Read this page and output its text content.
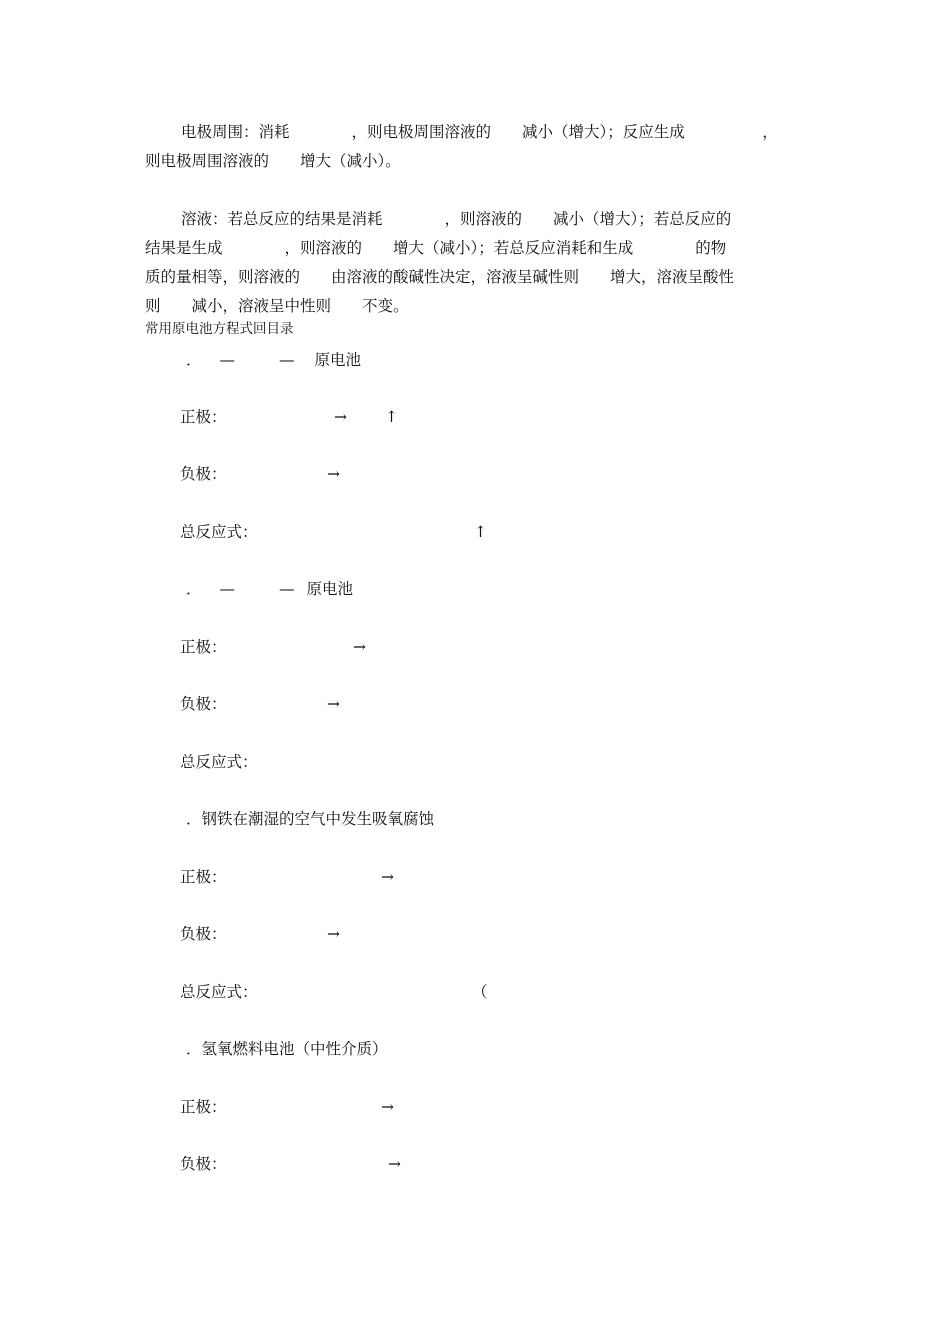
电极周围：消耗　　　　，则电极周围溶液的　　减小（增大）；反应生成　　　　　，
则电极周围溶液的　　增大（减小）。
溶液：若总反应的结果是消耗　　　　，则溶液的　　减小（增大）；若总反应的
结果是生成　　　　，则溶液的　　增大（减小）；若总反应消耗和生成　　　　的物
质的量相等，则溶液的　　由溶液的酸碱性决定，溶液呈碱性则　　增大，溶液呈酸性
则　　减小，溶液呈中性则　　不变。
常用原电池方程式回目录
． —	— 原电池
正极：	→ ↑
负极：	→
总反应式：	↑
． —	— 原电池
正极：	→
负极：	→
总反应式：
．钢铁在潮湿的空气中发生吸氧腐蚀
正极：	→
负极：	→
总反应式：	（
．氢氧燃料电池（中性介质）
正极：	→
负极：	→
